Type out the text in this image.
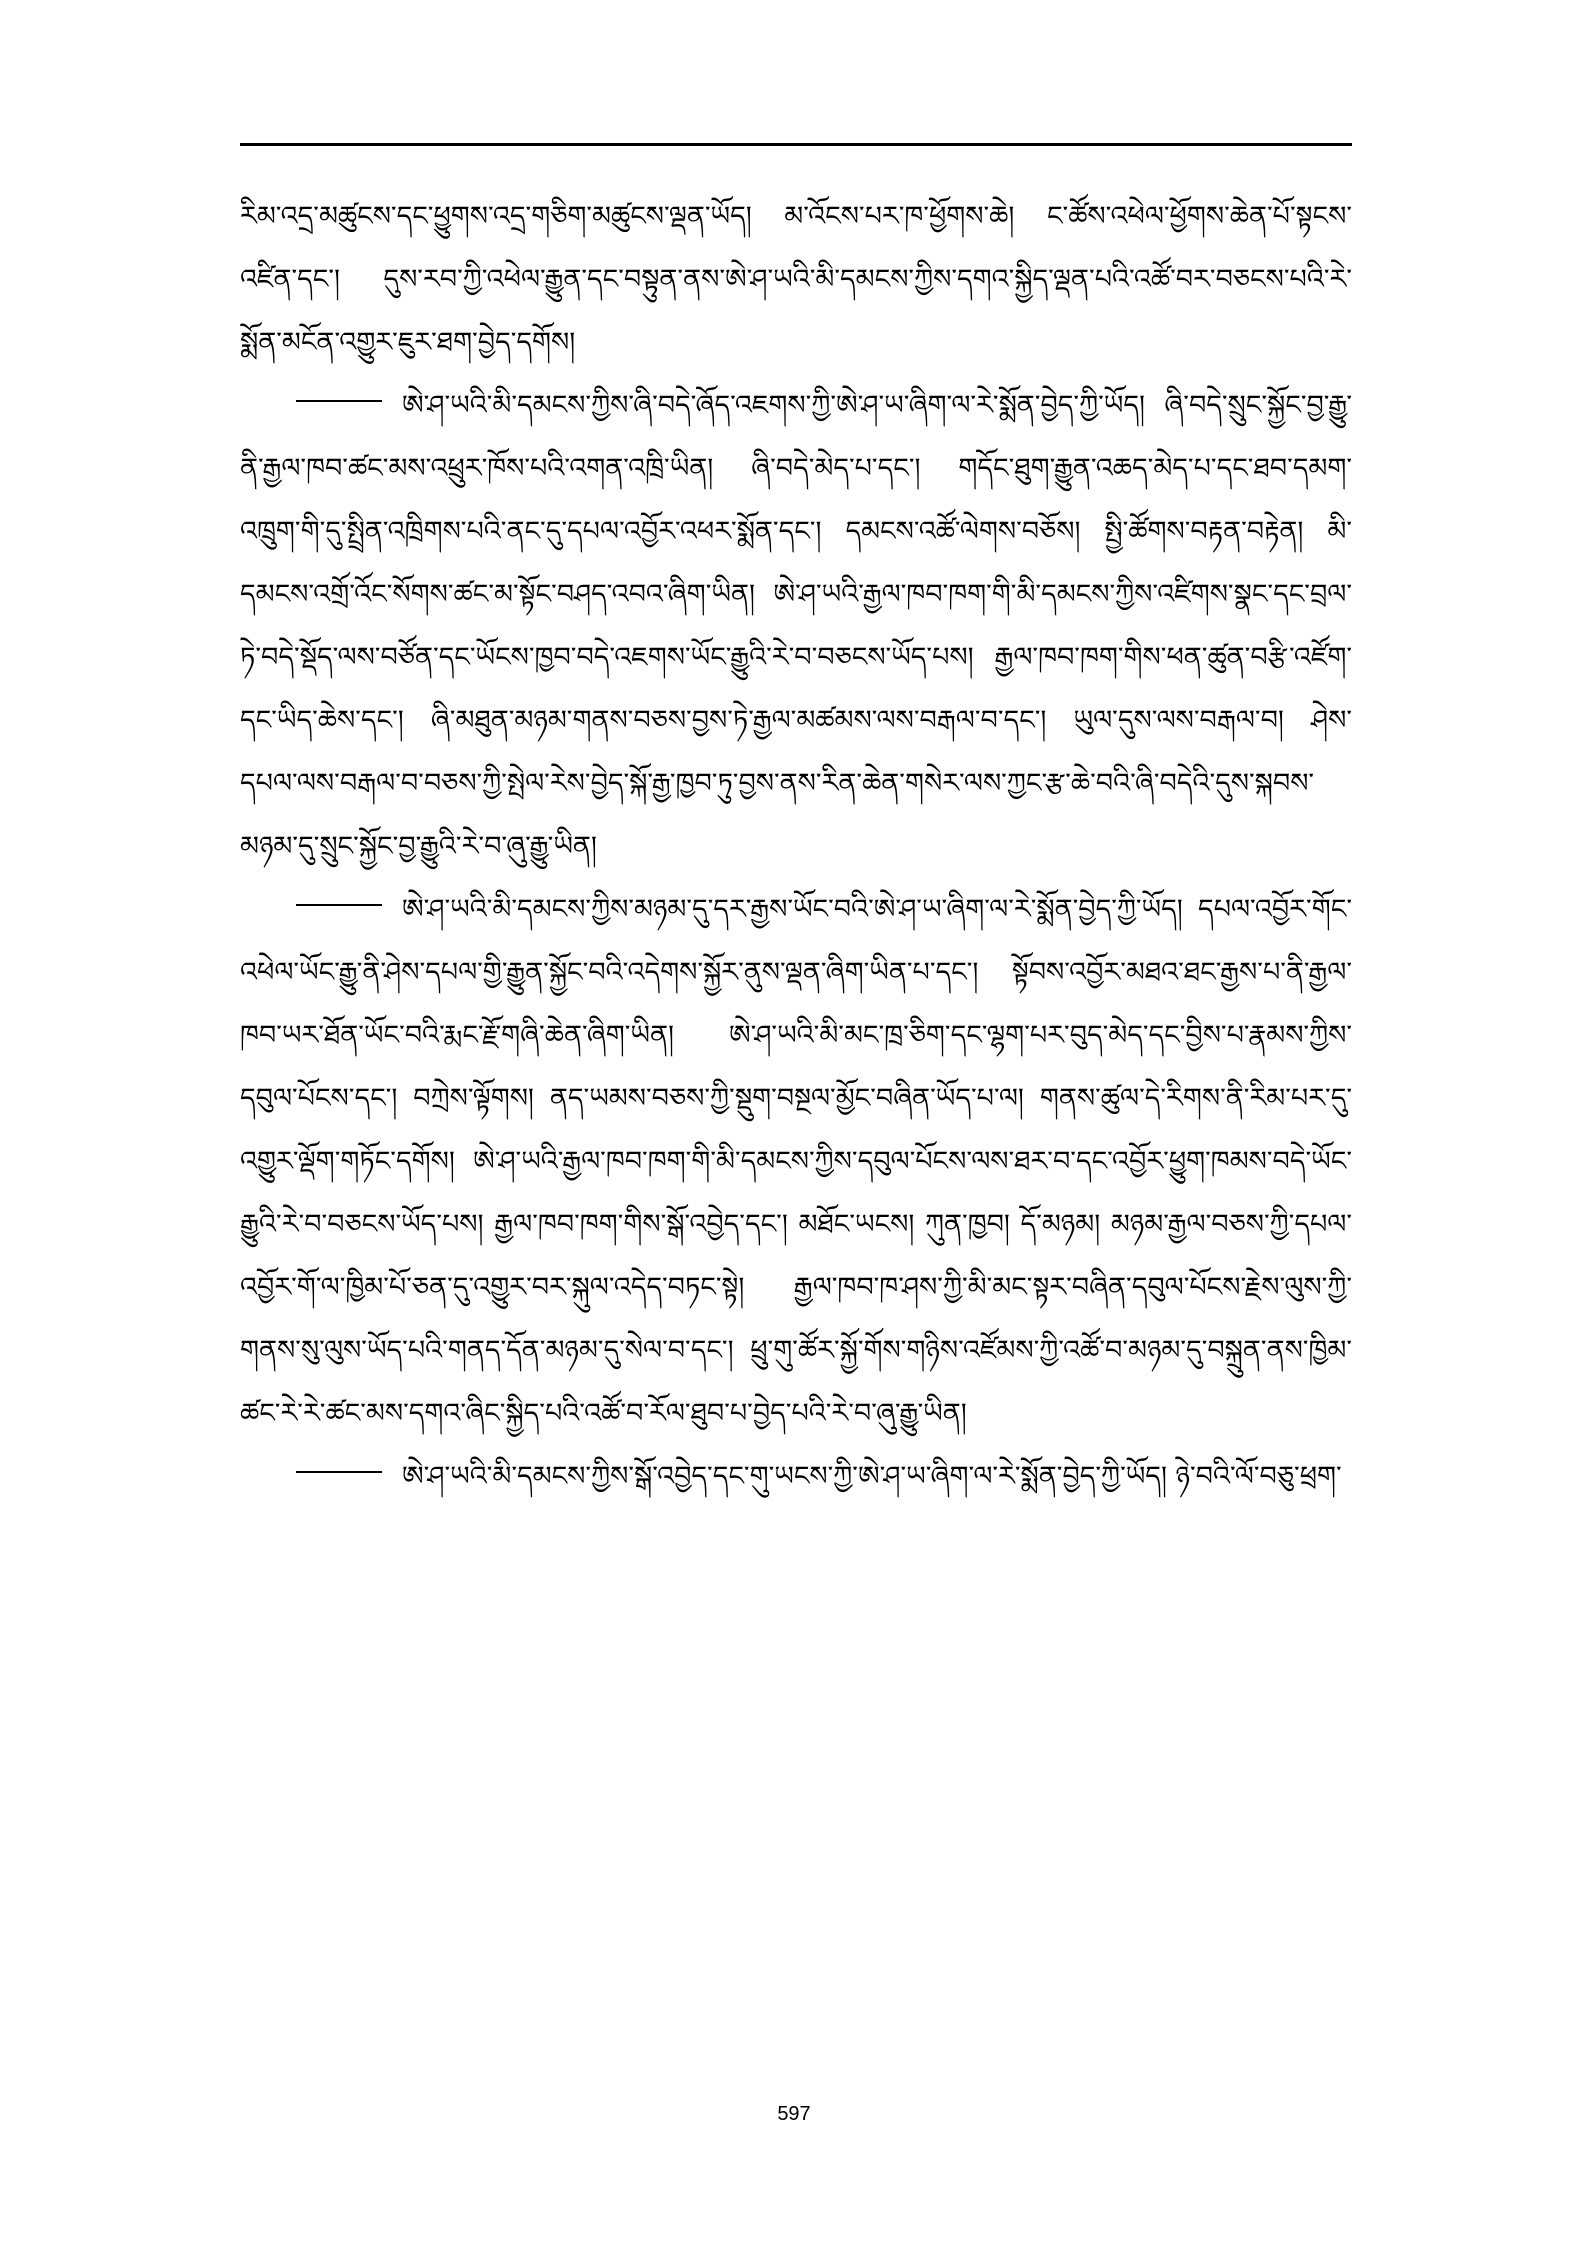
རིམ་འདྲ་མཚུངས་དང་ཕྱུགས་འདྲ་གཅིག་མཚུངས་ལྡན་ཡོད། མ་འོངས་པར་ཁ་ཕྱོགས་ཆེ། ང་ཚོས་འཕེལ་ཕྱོགས་ཆེན་པོ་སྟངས་འཛིན་དང་། དུས་རབ་ཀྱི་འཕེལ་རྒྱུན་དང་བསྟུན་ནས་ཨེ་ཤ་ཡའི་མི་དམངས་ཀྱིས་དགའ་སྐྱིད་ལྡན་པའི་འཚོ་བར་བཅངས་པའི་རེ་སྨོན་མངོན་འགྱུར་ཇུར་ཐག་བྱེད་དགོས།

ཨེ་ཤ་ཡའི་མི་དམངས་ཀྱིས་ཞི་བདེ་ཞོད་འཇགས་ཀྱི་ཨེ་ཤ་ཡ་ཞིག་ལ་རེ་སྨོན་བྱེད་ཀྱི་ཡོད། ཞི་བདེ་སྲུང་སྐྱོང་བྱ་རྒྱུ་ནི་རྒྱལ་ཁབ་ཚང་མས་འཕྲུར་ཁོས་པའི་འགན་འཁྲི་ཡིན། ཞི་བདེ་མེད་པ་དང་། གདོང་ཐུག་རྒྱུན་འཆད་མེད་པ་དང་ཐབ་དམག་འཁྲུག་གི་དུ་སྤྲིན་འཁྲིགས་པའི་ནང་དུ་དཔལ་འབྱོར་འཕར་སྨོན་དང་། དམངས་འཚོ་ལེགས་བཅོས། སྤྱི་ཚོགས་བརྟན་བརྟེན། མི་དམངས་འགྲོ་འོང་སོགས་ཚང་མ་སྟོང་བཤད་འབའ་ཞིག་ཡིན། ཨེ་ཤ་ཡའི་རྒྱལ་ཁབ་ཁག་གི་མི་དམངས་ཀྱིས་འཛིགས་སྣང་དང་བྲལ་ཏེ་བདེ་སྡོད་ལས་བཙོན་དང་ཡོངས་ཁྱབ་བདེ་འཇགས་ཡོང་རྒྱུའི་རེ་བ་བཅངས་ཡོད་པས། རྒྱལ་ཁབ་ཁག་གིས་ཕན་ཚུན་བརྩི་འཛོག་དང་ཡིད་ཆེས་དང་། ཞི་མཐུན་མཉམ་གནས་བཅས་བྱས་ཏེ་རྒྱལ་མཚམས་ལས་བརྒལ་བ་དང་། ཡུལ་དུས་ལས་བརྒལ་བ། ཤེས་དཔལ་ལས་བརྒལ་བ་བཅས་ཀྱི་སྤེལ་རེས་བྱེད་སྐོ་རྒྱ་ཁྱབ་ཏུ་བྱས་ནས་རིན་ཆེན་གསེར་ལས་ཀྱང་རྩ་ཆེ་བའི་ཞི་བདེའི་དུས་སྐབས་མཉམ་དུ་སྲུང་སྐྱོང་བྱ་རྒྱུའི་རེ་བ་ཞུ་རྒྱུ་ཡིན།

ཨེ་ཤ་ཡའི་མི་དམངས་ཀྱིས་མཉམ་དུ་དར་རྒྱས་ཡོང་བའི་ཨེ་ཤ་ཡ་ཞིག་ལ་རེ་སྨོན་བྱེད་ཀྱི་ཡོད། དཔལ་འབྱོར་གོང་འཕེལ་ཡོང་རྒྱུ་ནི་ཤེས་དཔལ་གྱི་རྒྱུན་སྐྱོང་བའི་འདེགས་སྐྱོར་ནུས་ལྡན་ཞིག་ཡིན་པ་དང་། སྟོབས་འབྱོར་མཐའ་ཐང་རྒྱས་པ་ནི་རྒྱལ་ཁབ་ཡར་ཐོན་ཡོང་བའི་རྨང་རྗོ་གཞི་ཆེན་ཞིག་ཡིན། ཨེ་ཤ་ཡའི་མི་མང་ཁྲ་ཅིག་དང་ལྷག་པར་བུད་མེད་དང་བྱིས་པ་རྣམས་ཀྱིས་དབུལ་པོངས་དང་། བཀྲེས་ལྟོགས། ནད་ཡམས་བཅས་ཀྱི་སྡུག་བསྔལ་མྱོང་བཞིན་ཡོད་པ་ལ། གནས་ཚུལ་དེ་རིགས་ནི་རིམ་པར་དུ་འགྱུར་ལྡོག་གཏོང་དགོས། ཨེ་ཤ་ཡའི་རྒྱལ་ཁབ་ཁག་གི་མི་དམངས་ཀྱིས་དབུལ་པོངས་ལས་ཐར་བ་དང་འབྱོར་ཕྱུག་ཁམས་བདེ་ཡོང་རྒྱུའི་རེ་བ་བཅངས་ཡོད་པས། རྒྱལ་ཁབ་ཁག་གིས་སྒོ་འབྱེད་དང་། མཐོང་ཡངས། ཀུན་ཁྱབ། དོ་མཉམ། མཉམ་རྒྱལ་བཅས་ཀྱི་དཔལ་འབྱོར་གོ་ལ་ཁྱིམ་པོ་ཅན་དུ་འགྱུར་བར་སྐུལ་འདེད་བཏང་སྟེ། རྒྱལ་ཁབ་ཁ་ཤས་ཀྱི་མི་མང་སྟར་བཞིན་དབུལ་པོངས་རྗེས་ལུས་ཀྱི་གནས་སུ་ལུས་ཡོད་པའི་གནད་དོན་མཉམ་དུ་སེལ་བ་དང་། ཕྲུ་གུ་ཚོར་སྐྱོ་གོས་གཉིས་འཛོམས་ཀྱི་འཚོ་བ་མཉམ་དུ་བསྐྲུན་ནས་ཁྱིམ་ཚང་རེ་རེ་ཚང་མས་དགའ་ཞིང་སྐྱིད་པའི་འཚོ་བ་རོལ་ཐུབ་པ་བྱེད་པའི་རེ་བ་ཞུ་རྒྱུ་ཡིན།

ཨེ་ཤ་ཡའི་མི་དམངས་ཀྱིས་སྒོ་འབྱེད་དང་གུ་ཡངས་ཀྱི་ཨེ་ཤ་ཡ་ཞིག་ལ་རེ་སྨོན་བྱེད་ཀྱི་ཡོད། ཉེ་བའི་ལོ་བཅུ་ཕྲག་

597
